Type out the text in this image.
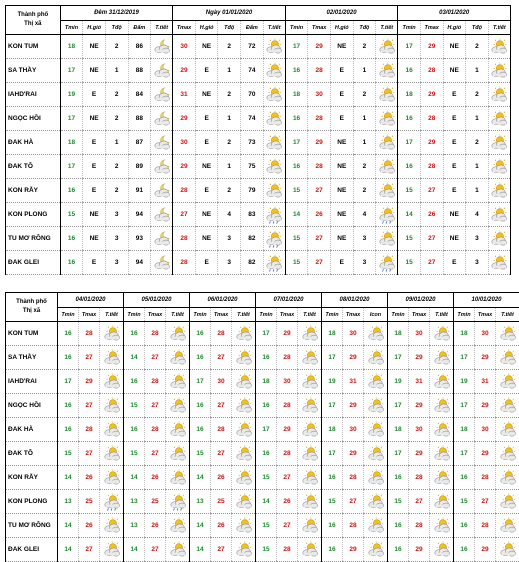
Thành phố
Thị xã	Đêm 31/12/2019					Ngày 01/01/2020					02/01/2020					03/01/2020				
	Tmin	H.gió	Tđộ	Đẩm	T.tiết	Tmax	H.gió	Tđộ	Đẩm	T.tiết	Tmin	Tmax	H.gió	Tđộ	T.tiết	Tmin	Tmax	H.gió	Tđộ	T.tiết
KON TUM	18	NE	2	86		30	NE	2	72		17	29	NE	2		17	29	NE	2	
SA THẦY	17	NE	1	88		29	E	1	74		16	28	E	1		16	28	NE	1	
IAHD'RAI	19	E	2	84		31	NE	2	70		18	30	E	2		18	29	E	2	
NGỌC HỒI	17	NE	2	88		29	E	1	74		16	28	E	1		16	28	E	1	
ĐAK HÀ	18	E	1	87		30	E	2	73		17	29	NE	1		17	29	E	2	
ĐAK TÔ	17	E	2	89		29	NE	1	75		16	28	NE	2		16	28	E	1	
KON RẪY	16	E	2	91		28	E	2	79		15	27	NE	2		15	27	E	1	
KON PLONG	15	NE	3	94		27	NE	4	83		14	26	NE	4		14	26	NE	4	
TU MƠ RÔNG	16	NE	3	93		28	NE	3	82		15	27	NE	3		15	27	NE	3	
ĐAK GLEI	16	E	3	94		28	E	3	82		15	27	E	3		15	27	E	3	
Thành phố
Thị xã	04/01/2020			05/01/2020			06/01/2020			07/01/2020			08/01/2020			09/01/2020			10/01/2020		
	Tmin	Tmax	T.tiết	Tmin	Tmax	T.tiết	Tmin	Tmax	T.tiết	Tmin	Tmax	T.tiết	Tmin	Tmax	Icon	Tmin	Tmax	T.tiết	Tmin	Tmax	T.tiết
KON TUM	16	28		16	28		16	28		17	29		18	30		18	30		18	30	
SA THẦY	16	27		14	27		16	27		16	28		17	29		17	29		17	29	
IAHD'RAI	17	29		16	28		17	30		18	30		19	31		19	31		19	31	
NGỌC HỒI	16	27		15	27		16	27		16	28		17	29		17	29		17	29	
ĐAK HÀ	16	28		16	28		16	28		17	29		18	30		18	30		18	30	
ĐAK TÔ	15	27		15	27		15	27		16	28		17	29		17	29		17	29	
KON RẪY	14	26		14	26		14	26		15	27		16	28		16	28		16	28	
KON PLONG	13	25		13	25		13	25		14	26		15	27		15	27		15	27	
TU MƠ RÔNG	14	26		13	26		14	26		15	27		16	28		16	28		16	28	
ĐAK GLEI	14	27		14	27		14	27		15	28		16	29		16	29		16	29	
